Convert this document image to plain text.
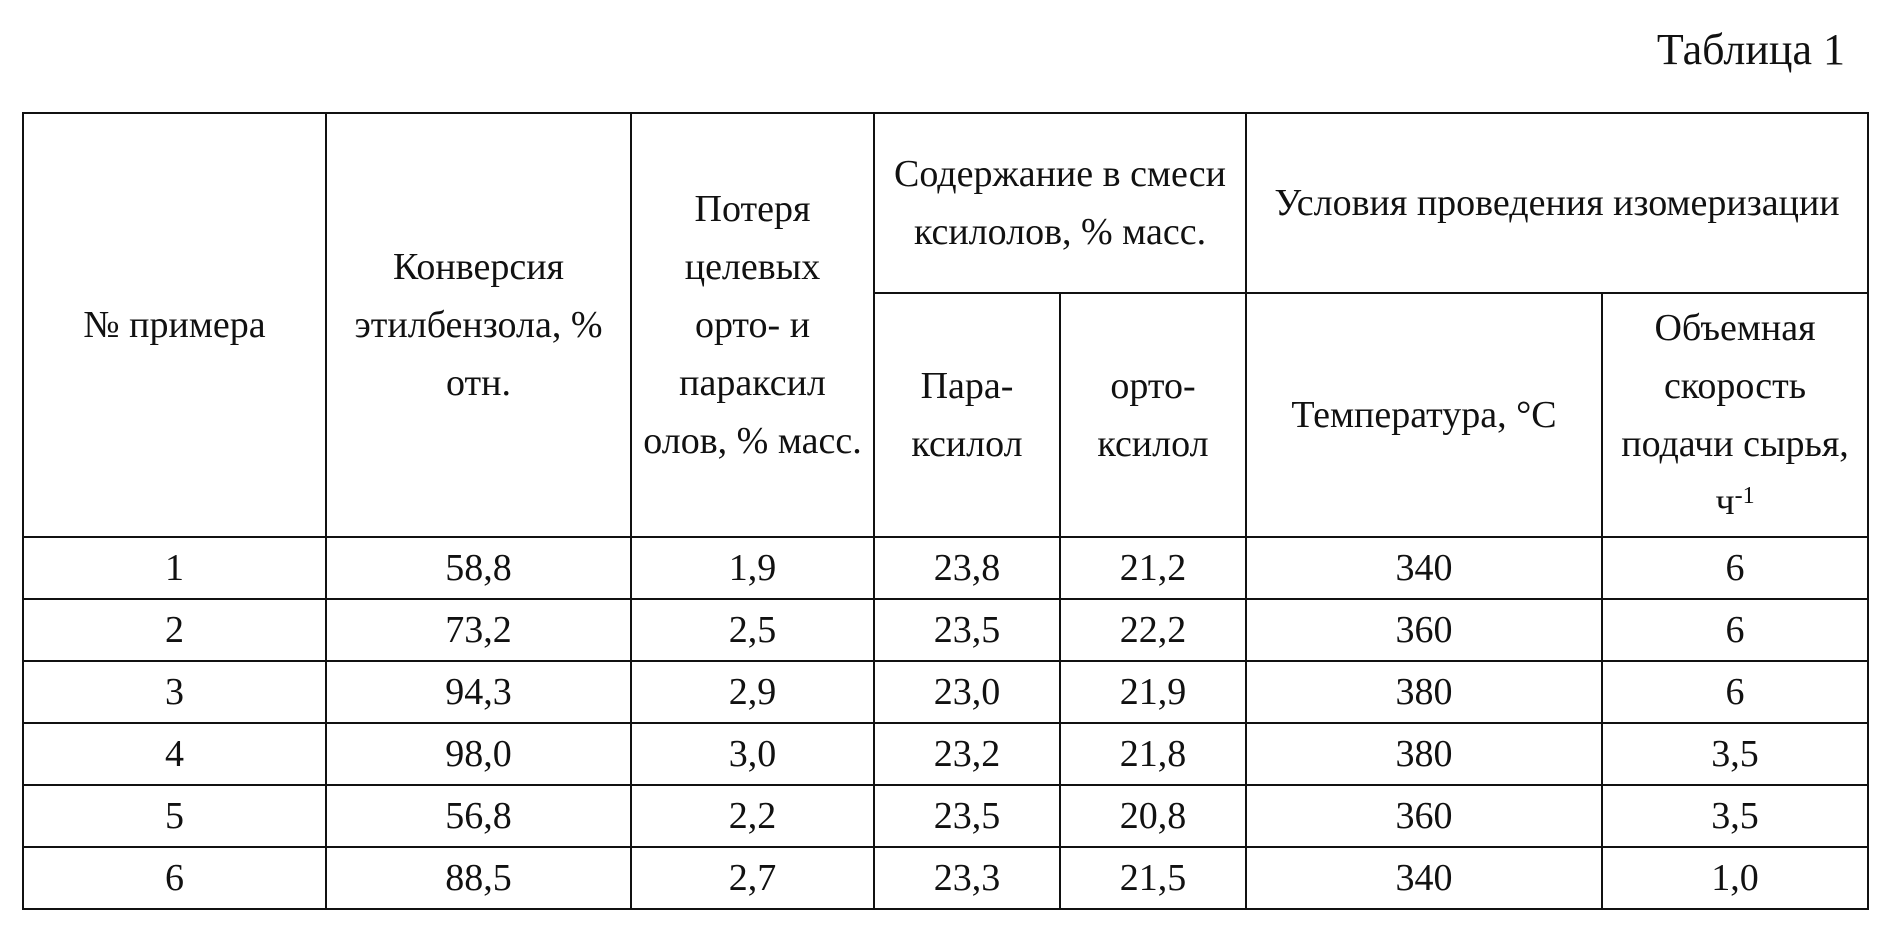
Таблица 1
№ примера	Конверсия этилбензола, % отн.	Потеря целевых орто- и параксил олов, % масс.	Содержание в смеси ксилолов, % масс.		Условия проведения изомеризации	
			Пара- ксилол	орто- ксилол	Температура, °С	Объемная скорость подачи сырья, $ч^{-1}$
1	58,8	1,9	23,8	21,2	340	6
2	73,2	2,5	23,5	22,2	360	6
3	94,3	2,9	23,0	21,9	380	6
4	98,0	3,0	23,2	21,8	380	3,5
5	56,8	2,2	23,5	20,8	360	3,5
6	88,5	2,7	23,3	21,5	340	1,0
